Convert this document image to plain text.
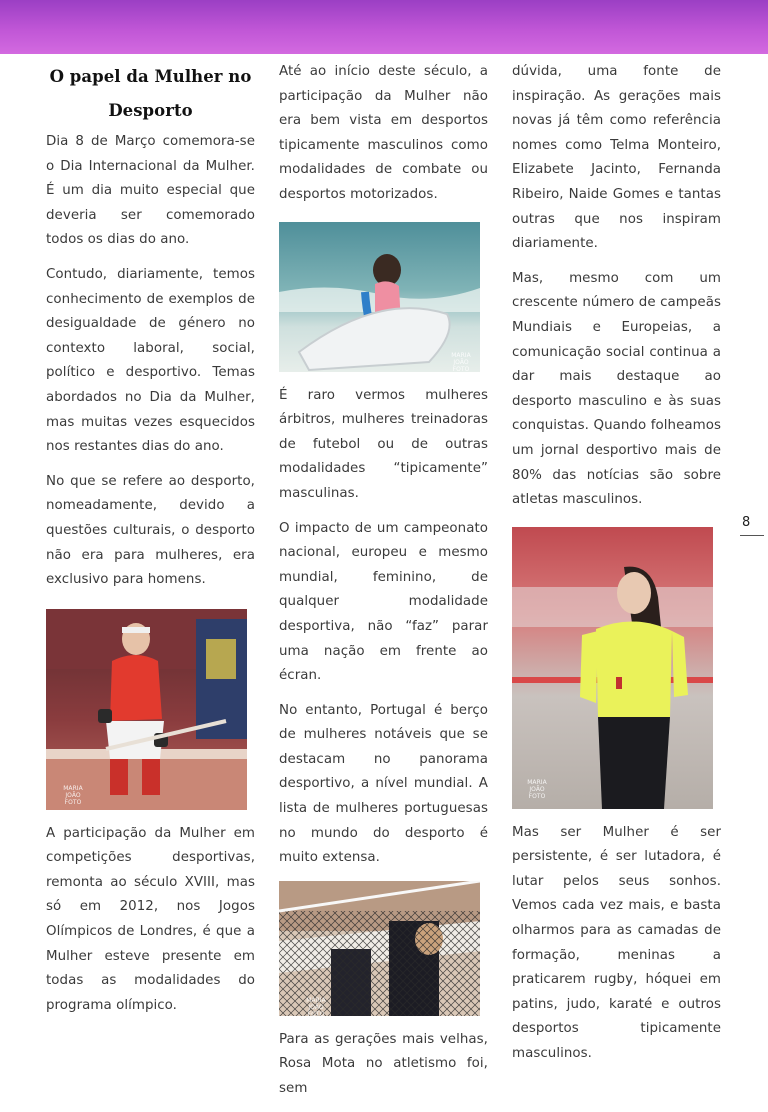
O papel da Mulher no Desporto

Dia 8 de Março comemora-se o Dia Internacional da Mulher. É um dia muito especial que deveria ser comemorado todos os dias do ano.

Contudo, diariamente, temos conhecimento de exemplos de desigualdade de género no contexto laboral, social, político e desportivo. Temas abordados no Dia da Mulher, mas muitas vezes esquecidos nos restantes dias do ano.

No que se refere ao desporto, nomeadamente, devido a questões culturais, o desporto não era para mulheres, era exclusivo para homens.

MARIA JOÃO FOTO

A participação da Mulher em competições desportivas, remonta ao século XVIII, mas só em 2012, nos Jogos Olímpicos de Londres, é que a Mulher esteve presente em todas as modalidades do programa olímpico.

Até ao início deste século, a participação da Mulher não era bem vista em desportos tipicamente masculinos como modalidades de combate ou desportos motorizados.

MARIA JOÃO FOTO

É raro vermos mulheres árbitros, mulheres treinadoras de futebol ou de outras modalidades “tipicamente” masculinas.

O impacto de um campeonato nacional, europeu e mesmo mundial, feminino, de qualquer modalidade desportiva, não “faz” parar uma nação em frente ao écran.

No entanto, Portugal é berço de mulheres notáveis que se destacam no panorama desportivo, a nível mundial. A lista de mulheres portuguesas no mundo do desporto é muito extensa.

MARIA JOÃO FOTO

Para as gerações mais velhas, Rosa Mota no atletismo foi, sem

dúvida, uma fonte de inspiração. As gerações mais novas já têm como referência nomes como Telma Monteiro, Elizabete Jacinto, Fernanda Ribeiro, Naide Gomes e tantas outras que nos inspiram diariamente.

Mas, mesmo com um crescente número de campeãs Mundiais e Europeias, a comunicação social continua a dar mais destaque ao desporto masculino e às suas conquistas. Quando folheamos um jornal desportivo mais de 80% das notícias são sobre atletas masculinos.

MARIA JOÃO FOTO

Mas ser Mulher é ser persistente, é ser lutadora, é lutar pelos seus sonhos. Vemos cada vez mais, e basta olharmos para as camadas de formação, meninas a praticarem rugby, hóquei em patins, judo, karaté e outros desportos tipicamente masculinos.

8
